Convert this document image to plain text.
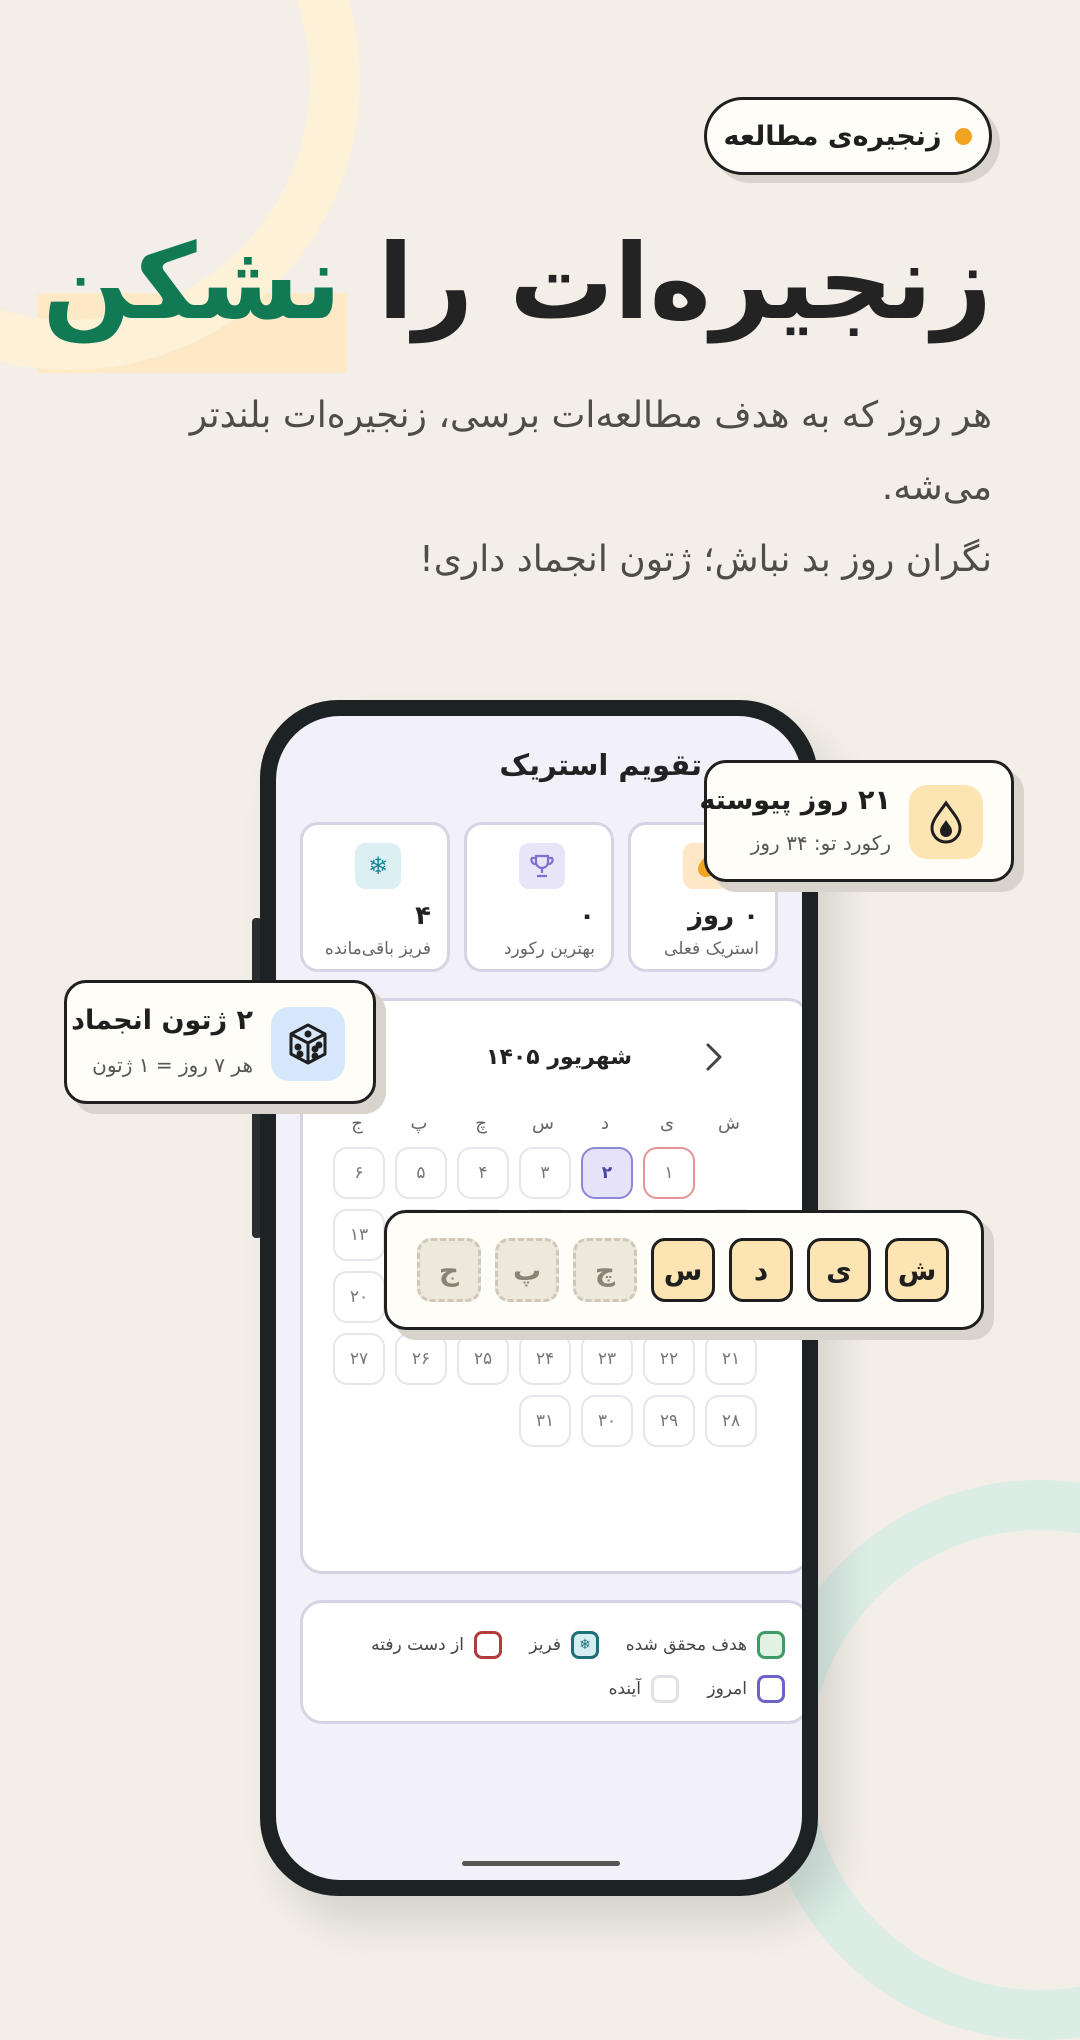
زنجیره‌ی مطالعه
زنجیره‌ات را نشکن
هر روز که به هدف مطالعه‌ات برسی، زنجیره‌ات بلندتر می‌شه.
نگران روز بد نباش؛ ژتون انجماد داری!
تقویم استریک
۰ روز
استریک فعلی
۰
بهترین رکورد
❄
۴
فریز باقی‌مانده
شهریور ۱۴۰۵
ش
ی
د
س
چ
پ
ج
۱
۲
۳
۴
۵
۶
۱۳
۲۰
۲۱
۲۲
۲۳
۲۴
۲۵
۲۶
۲۷
۲۸
۲۹
۳۰
۳۱
هدف محقق شده
❄
فریز
از دست رفته
امروز
آینده
۲۱ روز پیوسته
رکورد تو: ۳۴ روز
۲ ژتون انجماد
هر ۷ روز = ۱ ژتون
ش
ی
د
س
چ
پ
ج
